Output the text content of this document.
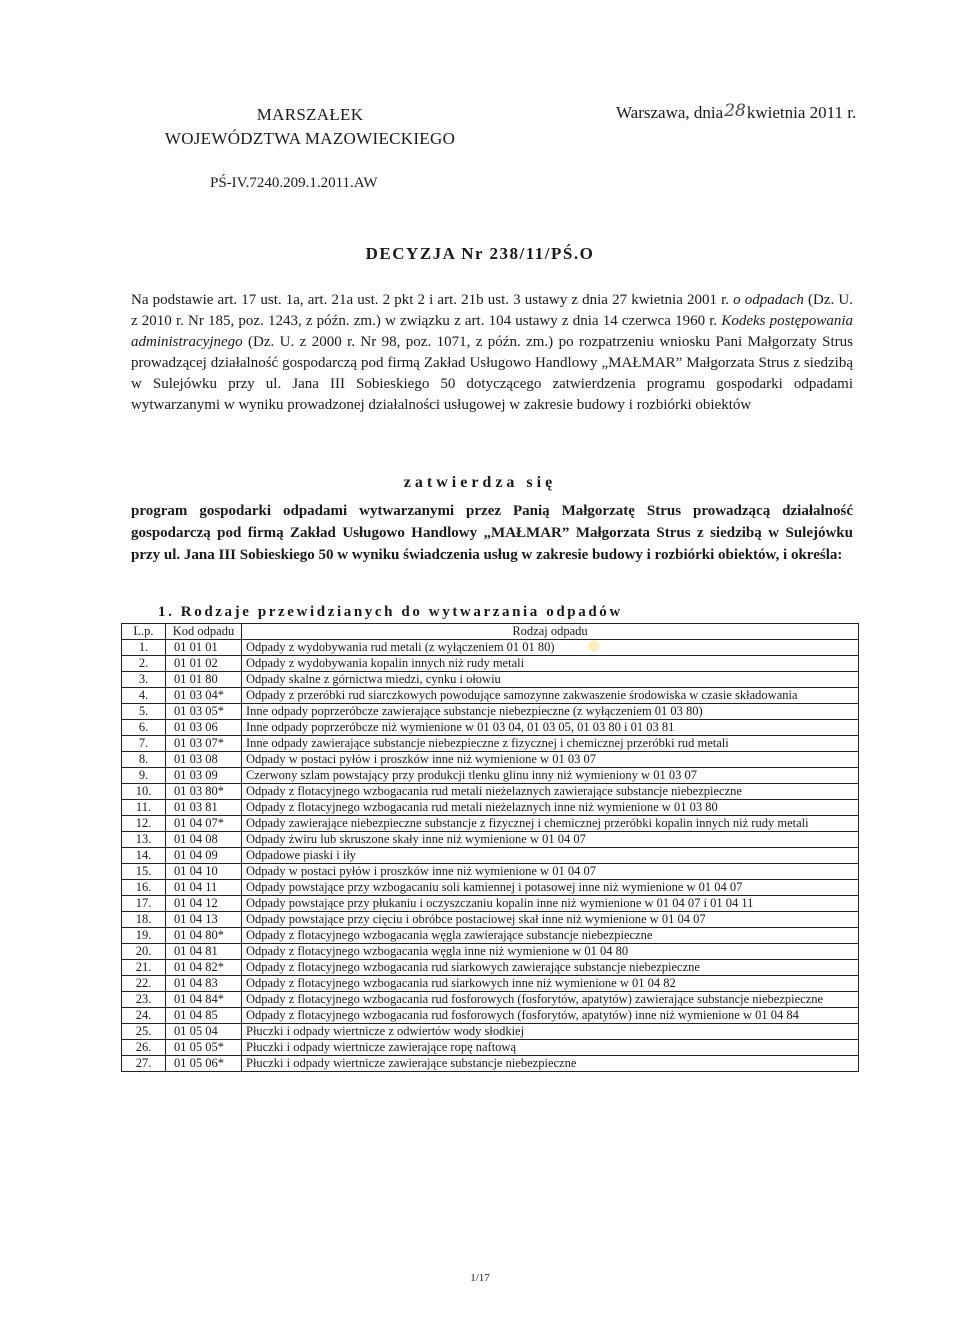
MARSZAŁEK
WOJEWÓDZTWA MAZOWIECKIEGO
Warszawa, dnia28kwietnia 2011 r.
PŚ-IV.7240.209.1.2011.AW
DECYZJA Nr 238/11/PŚ.O
Na podstawie art. 17 ust. 1a, art. 21a ust. 2 pkt 2 i art. 21b ust. 3 ustawy z dnia 27 kwietnia 2001 r. o odpadach (Dz. U. z 2010 r. Nr 185, poz. 1243, z późn. zm.) w związku z art. 104 ustawy z dnia 14 czerwca 1960 r. Kodeks postępowania administracyjnego (Dz. U. z 2000 r. Nr 98, poz. 1071, z późn. zm.) po rozpatrzeniu wniosku Pani Małgorzaty Strus prowadzącej działalność gospodarczą pod firmą Zakład Usługowo Handlowy „MAŁMAR” Małgorzata Strus z siedzibą w Sulejówku przy ul. Jana III Sobieskiego 50 dotyczącego zatwierdzenia programu gospodarki odpadami wytwarzanymi w wyniku prowadzonej działalności usługowej w zakresie budowy i rozbiórki obiektów
zatwierdza się
program gospodarki odpadami wytwarzanymi przez Panią Małgorzatę Strus prowadzącą działalność gospodarczą pod firmą Zakład Usługowo Handlowy „MAŁMAR” Małgorzata Strus z siedzibą w Sulejówku przy ul. Jana III Sobieskiego 50 w wyniku świadczenia usług w zakresie budowy i rozbiórki obiektów, i określa:
1. Rodzaje przewidzianych do wytwarzania odpadów
L.p.	Kod odpadu	Rodzaj odpadu
1.	01 01 01	Odpady z wydobywania rud metali (z wyłączeniem 01 01 80)
2.	01 01 02	Odpady z wydobywania kopalin innych niż rudy metali
3.	01 01 80	Odpady skalne z górnictwa miedzi, cynku i ołowiu
4.	01 03 04*	Odpady z przeróbki rud siarczkowych powodujące samozynne zakwaszenie środowiska w czasie składowania
5.	01 03 05*	Inne odpady poprzeróbcze zawierające substancje niebezpieczne (z wyłączeniem 01 03 80)
6.	01 03 06	Inne odpady poprzeróbcze niż wymienione w 01 03 04, 01 03 05, 01 03 80 i 01 03 81
7.	01 03 07*	Inne odpady zawierające substancje niebezpieczne z fizycznej i chemicznej przeróbki rud metali
8.	01 03 08	Odpady w postaci pyłów i proszków inne niż wymienione w 01 03 07
9.	01 03 09	Czerwony szlam powstający przy produkcji tlenku glinu inny niż wymieniony w 01 03 07
10.	01 03 80*	Odpady z flotacyjnego wzbogacania rud metali nieżelaznych zawierające substancje niebezpieczne
11.	01 03 81	Odpady z flotacyjnego wzbogacania rud metali nieżelaznych inne niż wymienione w 01 03 80
12.	01 04 07*	Odpady zawierające niebezpieczne substancje z fizycznej i chemicznej przeróbki kopalin innych niż rudy metali
13.	01 04 08	Odpady żwiru lub skruszone skały inne niż wymienione w 01 04 07
14.	01 04 09	Odpadowe piaski i iły
15.	01 04 10	Odpady w postaci pyłów i proszków inne niż wymienione w 01 04 07
16.	01 04 11	Odpady powstające przy wzbogacaniu soli kamiennej i potasowej inne niż wymienione w 01 04 07
17.	01 04 12	Odpady powstające przy płukaniu i oczyszczaniu kopalin inne niż wymienione w 01 04 07 i 01 04 11
18.	01 04 13	Odpady powstające przy cięciu i obróbce postaciowej skał inne niż wymienione w 01 04 07
19.	01 04 80*	Odpady z flotacyjnego wzbogacania węgla zawierające substancje niebezpieczne
20.	01 04 81	Odpady z flotacyjnego wzbogacania węgla inne niż wymienione w 01 04 80
21.	01 04 82*	Odpady z flotacyjnego wzbogacania rud siarkowych zawierające substancje niebezpieczne
22.	01 04 83	Odpady z flotacyjnego wzbogacania rud siarkowych inne niż wymienione w 01 04 82
23.	01 04 84*	Odpady z flotacyjnego wzbogacania rud fosforowych (fosforytów, apatytów) zawierające substancje niebezpieczne
24.	01 04 85	Odpady z flotacyjnego wzbogacania rud fosforowych (fosforytów, apatytów) inne niż wymienione w 01 04 84
25.	01 05 04	Płuczki i odpady wiertnicze z odwiertów wody słodkiej
26.	01 05 05*	Płuczki i odpady wiertnicze zawierające ropę naftową
27.	01 05 06*	Płuczki i odpady wiertnicze zawierające substancje niebezpieczne
1/17
